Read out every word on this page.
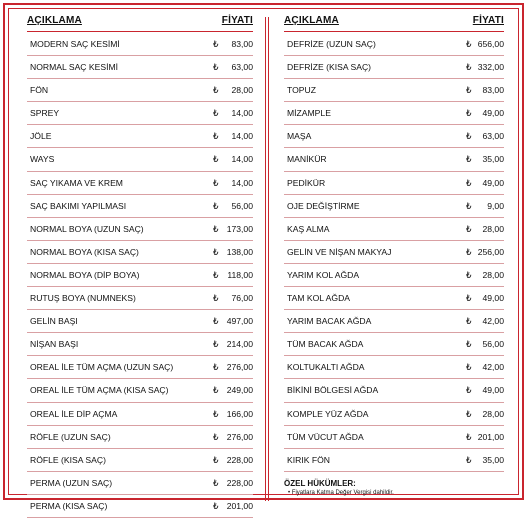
AÇIKLAMA	FİYATI
MODERN SAÇ KESİMİ	₺ 83,00
NORMAL SAÇ KESİMİ	₺ 63,00
FÖN	₺ 28,00
SPREY	₺ 14,00
JÖLE	₺ 14,00
WAYS	₺ 14,00
SAÇ YIKAMA VE KREM	₺ 14,00
SAÇ BAKIMI YAPILMASI	₺ 56,00
NORMAL BOYA (UZUN SAÇ)	₺ 173,00
NORMAL BOYA (KISA SAÇ)	₺ 138,00
NORMAL BOYA (DİP BOYA)	₺ 118,00
RUTUŞ BOYA (NUMNEKS)	₺ 76,00
GELİN BAŞI	₺ 497,00
NİŞAN BAŞI	₺ 214,00
OREAL İLE TÜM AÇMA (UZUN SAÇ)	₺ 276,00
OREAL İLE TÜM AÇMA (KISA SAÇ)	₺ 249,00
OREAL İLE DİP AÇMA	₺ 166,00
RÖFLE (UZUN SAÇ)	₺ 276,00
RÖFLE (KISA SAÇ)	₺ 228,00
PERMA (UZUN SAÇ)	₺ 228,00
PERMA (KISA SAÇ)	₺ 201,00
AÇIKLAMA	FİYATI
DEFRİZE (UZUN SAÇ)	₺ 656,00
DEFRİZE (KISA SAÇ)	₺ 332,00
TOPUZ	₺ 83,00
MİZAMPLE	₺ 49,00
MAŞA	₺ 63,00
MANİKÜR	₺ 35,00
PEDİKÜR	₺ 49,00
OJE DEĞİŞTİRME	₺ 9,00
KAŞ ALMA	₺ 28,00
GELİN VE NİŞAN MAKYAJ	₺ 256,00
YARIM KOL AĞDA	₺ 28,00
TAM KOL AĞDA	₺ 49,00
YARIM BACAK AĞDA	₺ 42,00
TÜM BACAK AĞDA	₺ 56,00
KOLTUKALTI AĞDA	₺ 42,00
BİKİNİ BÖLGESİ AĞDA	₺ 49,00
KOMPLE YÜZ AĞDA	₺ 28,00
TÜM VÜCUT AĞDA	₺ 201,00
KIRIK FÖN	₺ 35,00
ÖZEL HÜKÜMLER:
• Fiyatlara Katma Değer Vergisi dahildir.
